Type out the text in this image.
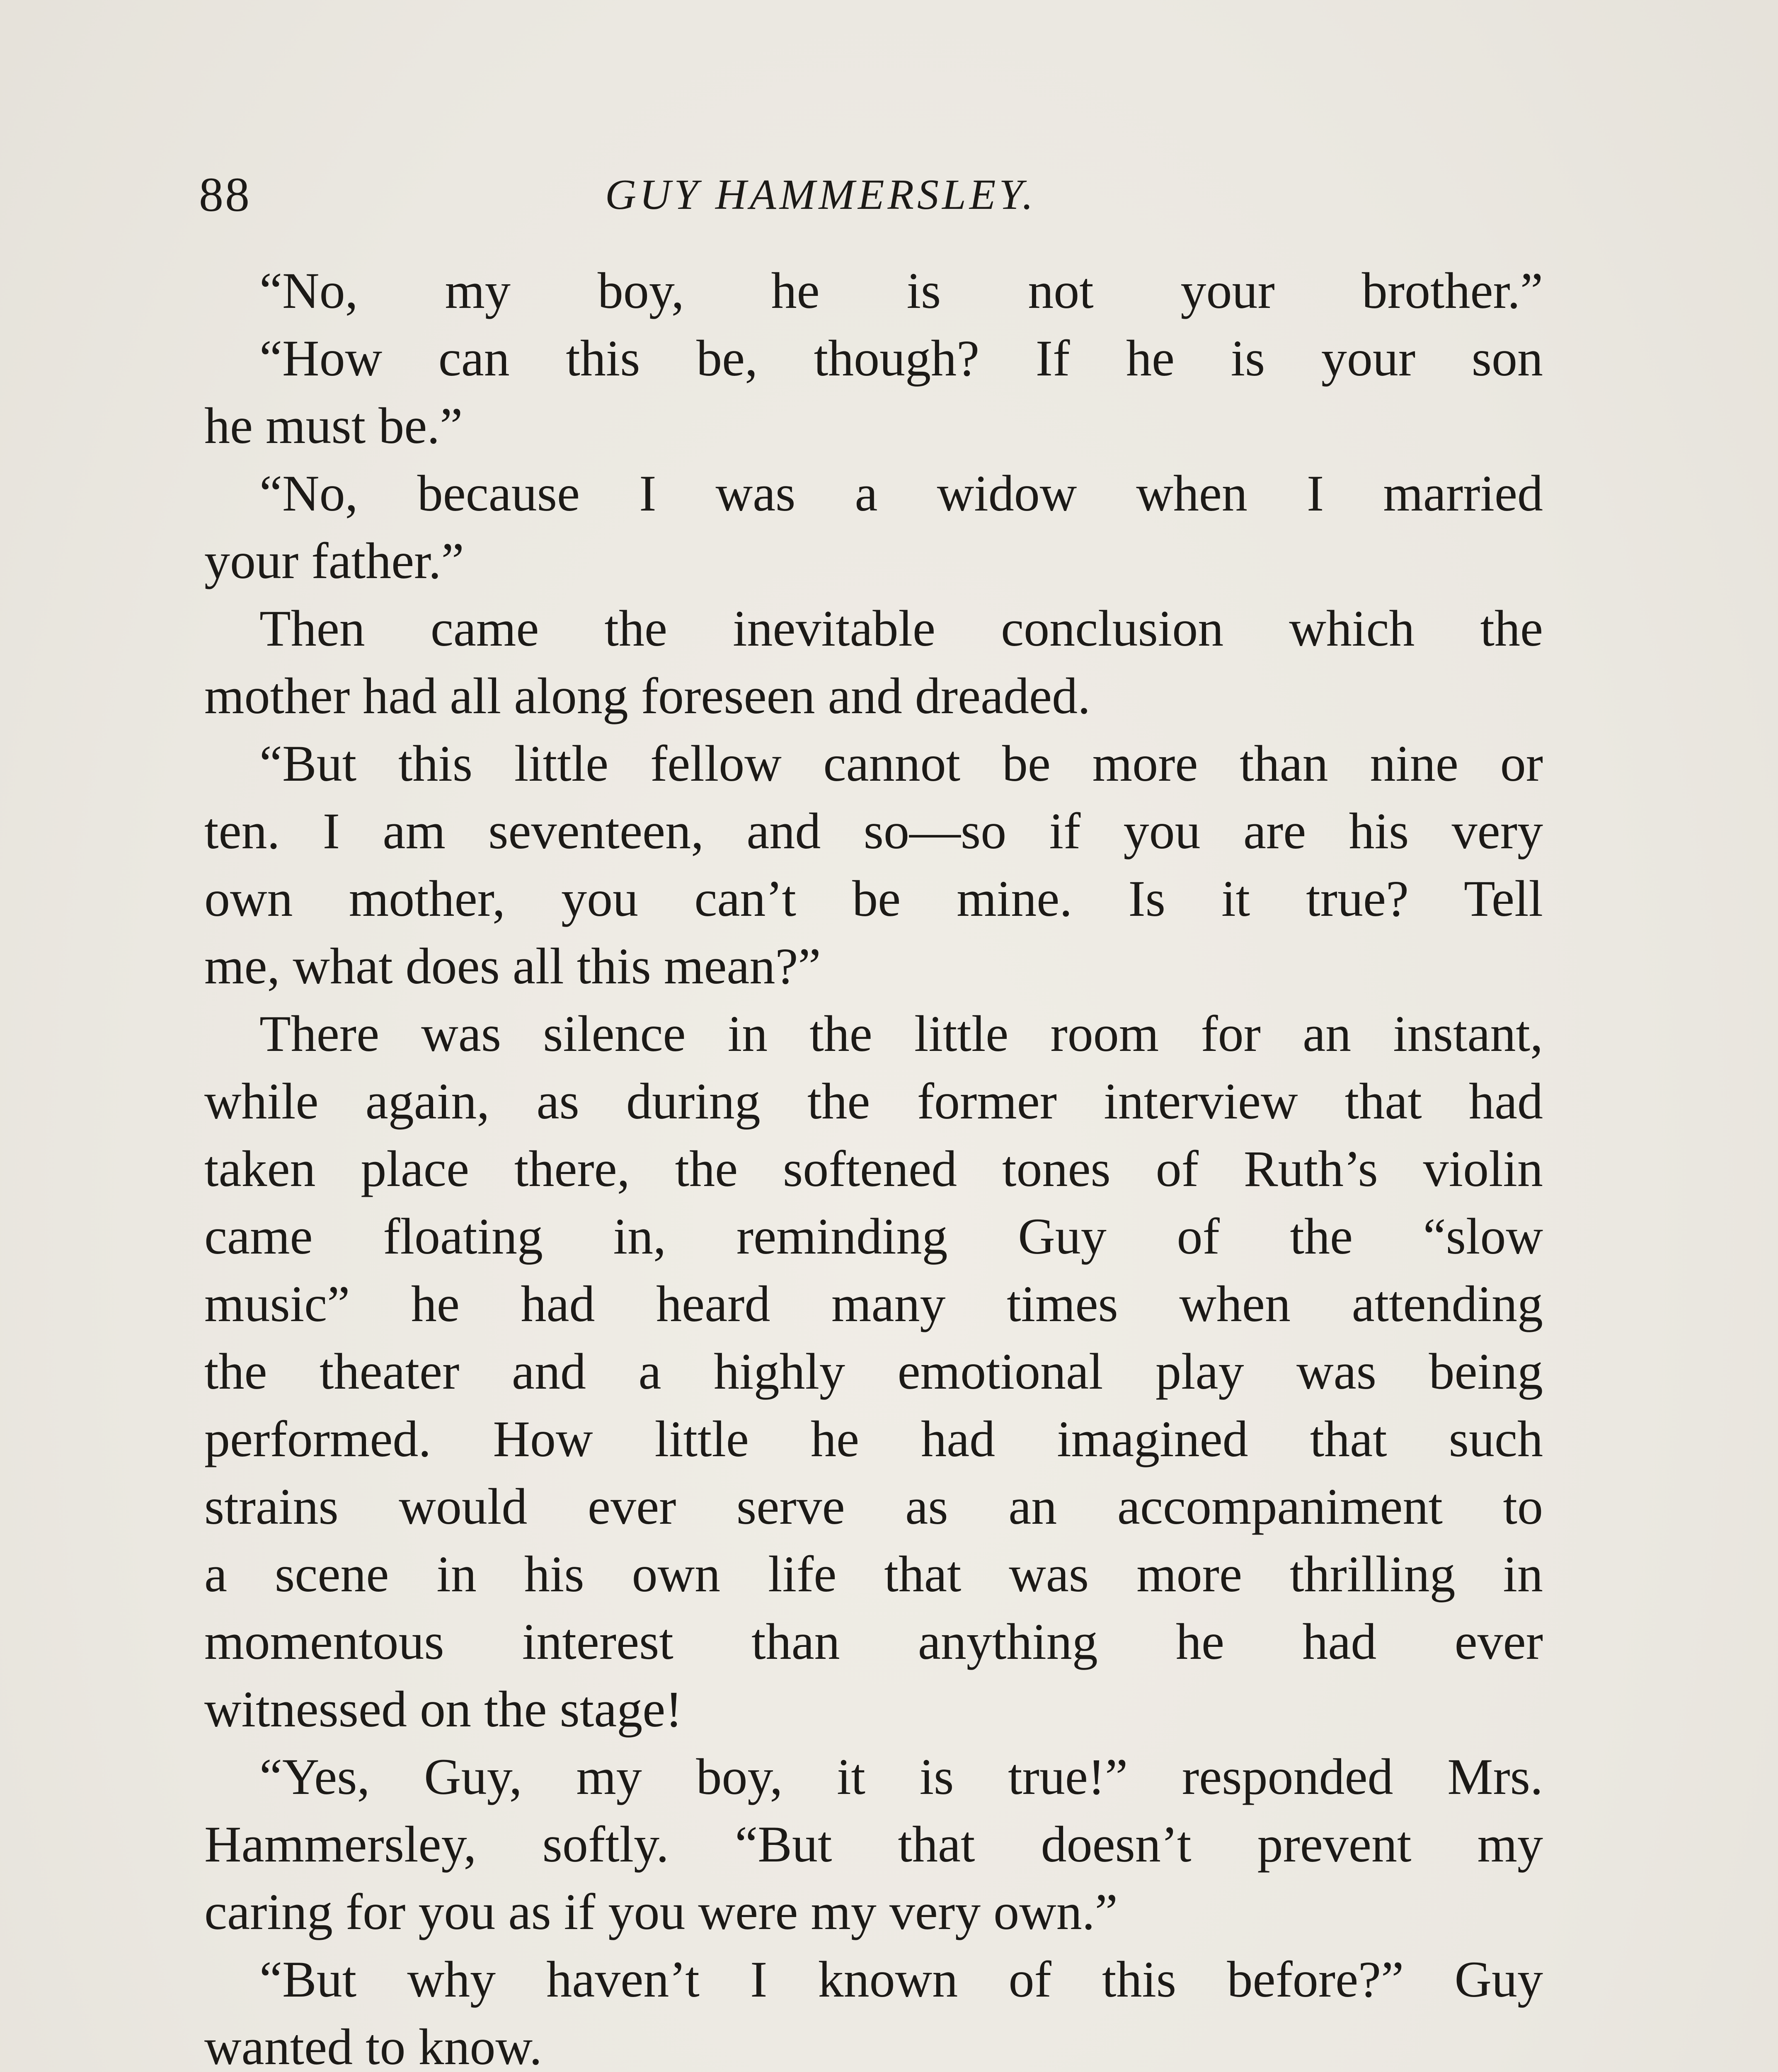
88	GUY HAMMERSLEY.
“No, my boy, he is not your brother.”
“How can this be, though? If he is your son
he must be.”
“No, because I was a widow when I married
your father.”
Then came the inevitable conclusion which the
mother had all along foreseen and dreaded.
“But this little fellow cannot be more than nine or
ten. I am seventeen, and so—so if you are his very
own mother, you can’t be mine. Is it true? Tell
me, what does all this mean?”
There was silence in the little room for an instant,
while again, as during the former interview that had
taken place there, the softened tones of Ruth’s violin
came floating in, reminding Guy of the “slow
music” he had heard many times when attending
the theater and a highly emotional play was being
performed. How little he had imagined that such
strains would ever serve as an accompaniment to
a scene in his own life that was more thrilling in
momentous interest than anything he had ever
witnessed on the stage!
“Yes, Guy, my boy, it is true!” responded Mrs.
Hammersley, softly. “But that doesn’t prevent my
caring for you as if you were my very own.”
“But why haven’t I known of this before?” Guy
wanted to know.
